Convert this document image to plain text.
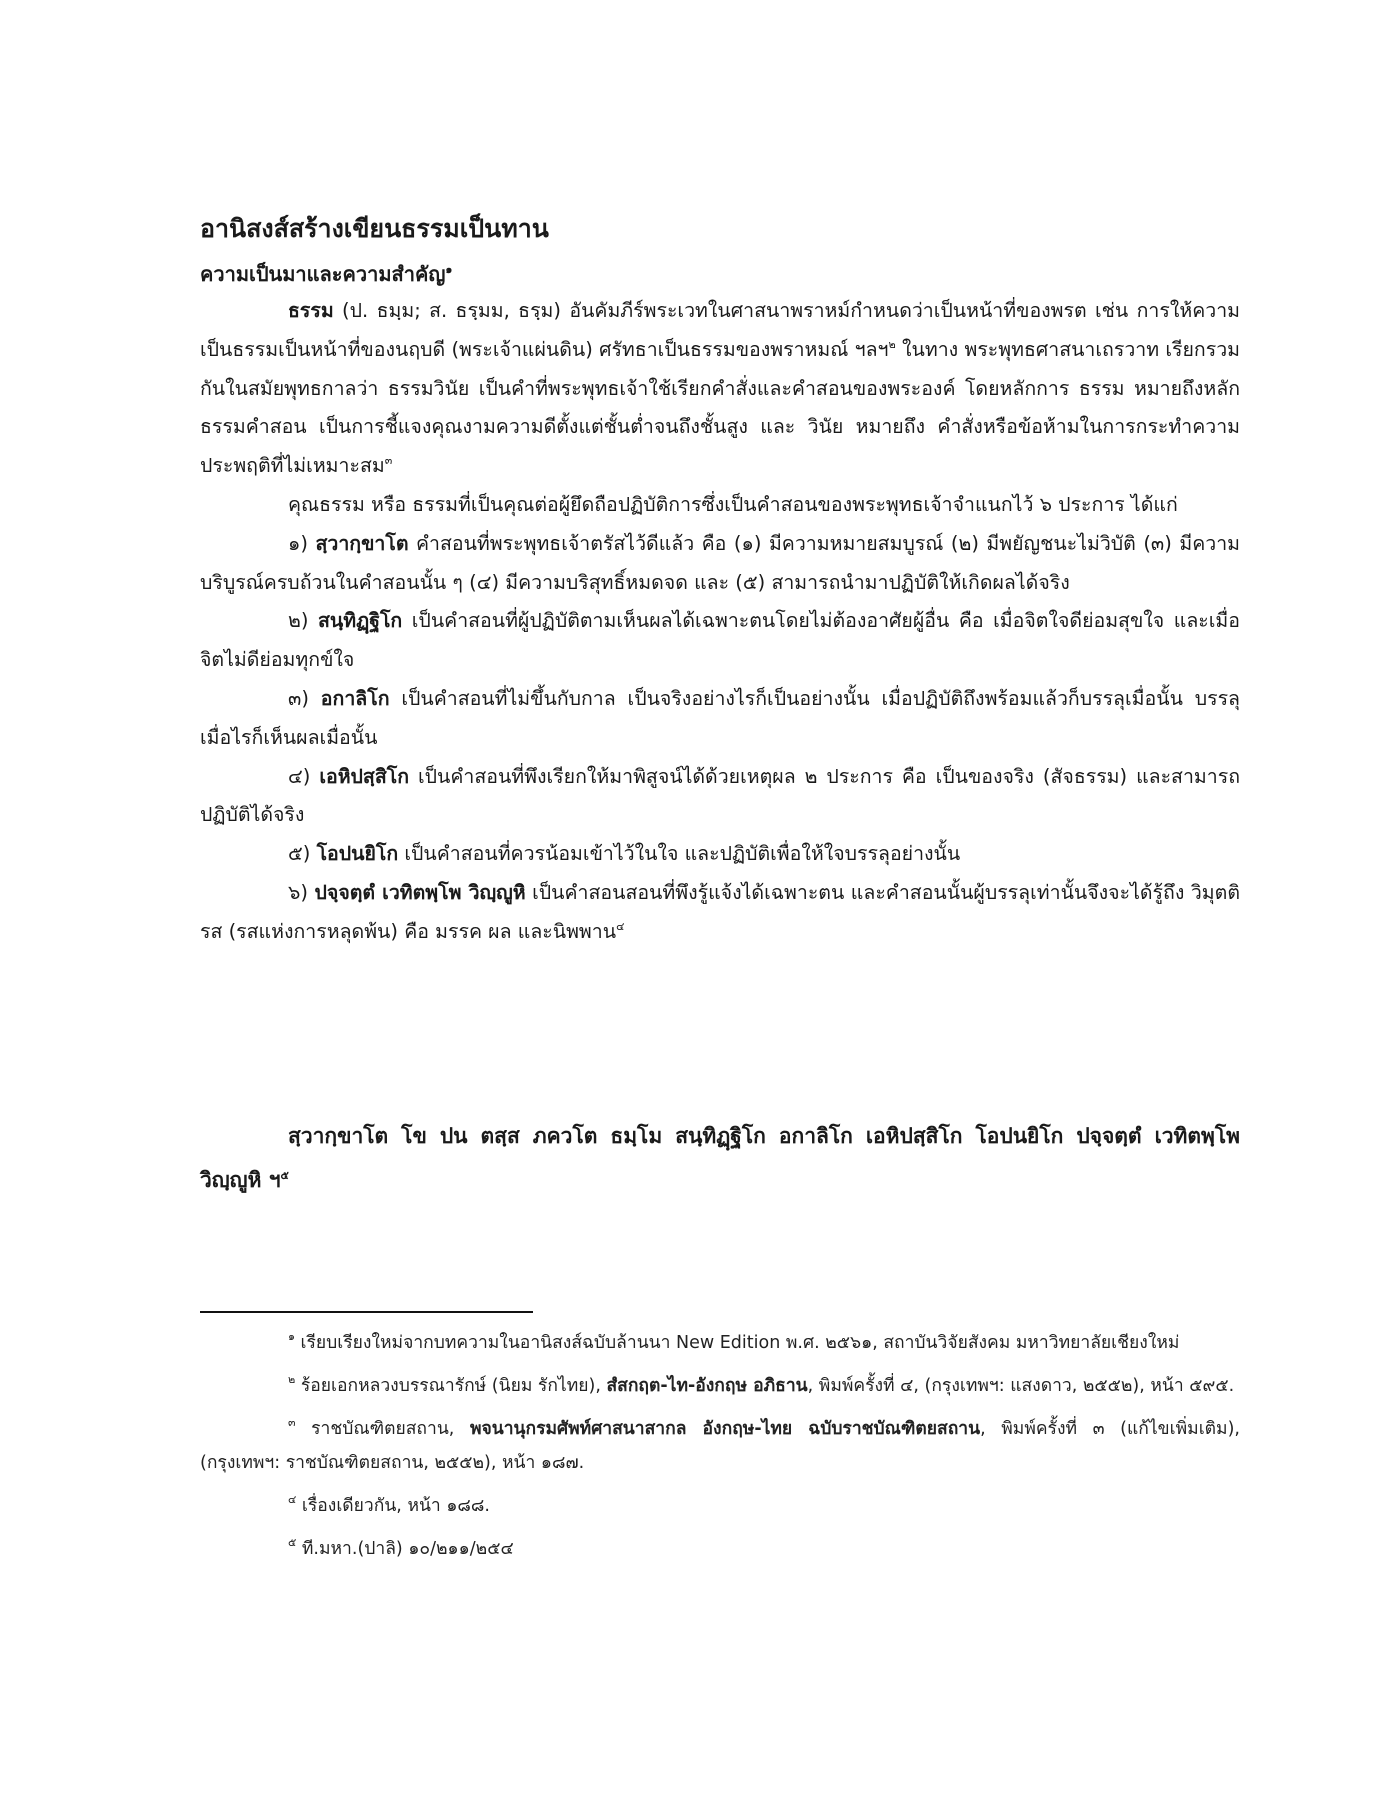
อานิสงส์สร้างเขียนธรรมเป็นทาน
ความเป็นมาและความสำคัญ$^๑$

ธรรม (ป. ธมฺม; ส. ธรฺมม, ธรฺม) อันคัมภีร์พระเวทในศาสนาพราหม์กำหนดว่าเป็นหน้าที่ของพรต เช่น การให้ความเป็นธรรมเป็นหน้าที่ของนฤบดี (พระเจ้าแผ่นดิน) ศรัทธาเป็นธรรมของพราหมณ์ ฯลฯ$^๒$ ในทาง พระพุทธศาสนาเถรวาท เรียกรวมกันในสมัยพุทธกาลว่า ธรรมวินัย เป็นคำที่พระพุทธเจ้าใช้เรียกคำสั่งและคำสอนของพระองค์ โดยหลักการ ธรรม หมายถึงหลักธรรมคำสอน เป็นการชี้แจงคุณงามความดีตั้งแต่ชั้นต่ำจนถึงชั้นสูง และ วินัย หมายถึง คำสั่งหรือข้อห้ามในการกระทำความประพฤติที่ไม่เหมาะสม$^๓$

คุณธรรม หรือ ธรรมที่เป็นคุณต่อผู้ยึดถือปฏิบัติการซึ่งเป็นคำสอนของพระพุทธเจ้าจำแนกไว้ ๖ ประการ ได้แก่

๑) สฺวากฺขาโต คำสอนที่พระพุทธเจ้าตรัสไว้ดีแล้ว คือ (๑) มีความหมายสมบูรณ์ (๒) มีพยัญชนะไม่วิบัติ (๓) มีความบริบูรณ์ครบถ้วนในคำสอนนั้น ๆ (๔) มีความบริสุทธิ์หมดจด และ (๕) สามารถนำมาปฏิบัติให้เกิดผลได้จริง

๒) สนฺทิฏฺฐิโก เป็นคำสอนที่ผู้ปฏิบัติตามเห็นผลได้เฉพาะตนโดยไม่ต้องอาศัยผู้อื่น คือ เมื่อจิตใจดีย่อมสุขใจ และเมื่อจิตไม่ดีย่อมทุกข์ใจ

๓) อกาลิโก เป็นคำสอนที่ไม่ขึ้นกับกาล เป็นจริงอย่างไรก็เป็นอย่างนั้น เมื่อปฏิบัติถึงพร้อมแล้วก็บรรลุเมื่อนั้น บรรลุเมื่อไรก็เห็นผลเมื่อนั้น

๔) เอหิปสฺสิโก เป็นคำสอนที่พึงเรียกให้มาพิสูจน์ได้ด้วยเหตุผล ๒ ประการ คือ เป็นของจริง (สัจธรรม) และสามารถปฏิบัติได้จริง

๕) โอปนยิโก เป็นคำสอนที่ควรน้อมเข้าไว้ในใจ และปฏิบัติเพื่อให้ใจบรรลุอย่างนั้น

๖) ปจฺจตฺตํ เวทิตพฺโพ วิญฺญูหิ เป็นคำสอนสอนที่พึงรู้แจ้งได้เฉพาะตน และคำสอนนั้นผู้บรรลุเท่านั้นจึงจะได้รู้ถึง วิมุตติรส (รสแห่งการหลุดพ้น) คือ มรรค ผล และนิพพาน$^๔$

สฺวากฺขาโต โข ปน ตสฺส ภควโต ธมฺโม สนฺทิฏฺฐิโก อกาลิโก เอหิปสฺสิโก โอปนยิโก ปจฺจตฺตํ เวทิตพฺโพ วิญฺญูหิ ฯ$^๕$

$^๑$ เรียบเรียงใหม่จากบทความในอานิสงส์ฉบับล้านนา New Edition พ.ศ. ๒๕๖๑, สถาบันวิจัยสังคม มหาวิทยาลัยเชียงใหม่

$^๒$ ร้อยเอกหลวงบรรณารักษ์ (นิยม รักไทย), สํสกฤต-ไท-อังกฤษ อภิธาน, พิมพ์ครั้งที่ ๔, (กรุงเทพฯ: แสงดาว, ๒๕๕๒), หน้า ๕๙๕.

$^๓$ ราชบัณฑิตยสถาน, พจนานุกรมศัพท์ศาสนาสากล อังกฤษ-ไทย ฉบับราชบัณฑิตยสถาน, พิมพ์ครั้งที่ ๓ (แก้ไขเพิ่มเติม), (กรุงเทพฯ: ราชบัณฑิตยสถาน, ๒๕๕๒), หน้า ๑๘๗.

$^๔$ เรื่องเดียวกัน, หน้า ๑๘๘.

$^๕$ ที.มหา.(ปาลิ) ๑๐/๒๑๑/๒๕๔
